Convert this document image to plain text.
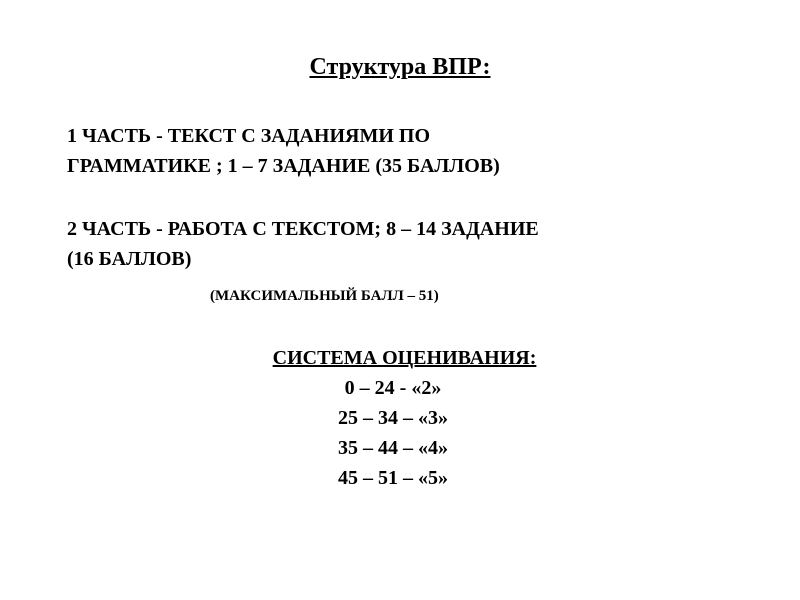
Структура ВПР:
1 ЧАСТЬ - ТЕКСТ С ЗАДАНИЯМИ ПО
ГРАММАТИКЕ ; 1 – 7 ЗАДАНИЕ (35 БАЛЛОВ)
2 ЧАСТЬ - РАБОТА С ТЕКСТОМ; 8 – 14 ЗАДАНИЕ
(16 БАЛЛОВ)
(МАКСИМАЛЬНЫЙ БАЛЛ – 51)
СИСТЕМА ОЦЕНИВАНИЯ:
0 – 24 - «2»
25 – 34 – «3»
35 – 44 – «4»
45 – 51 – «5»
